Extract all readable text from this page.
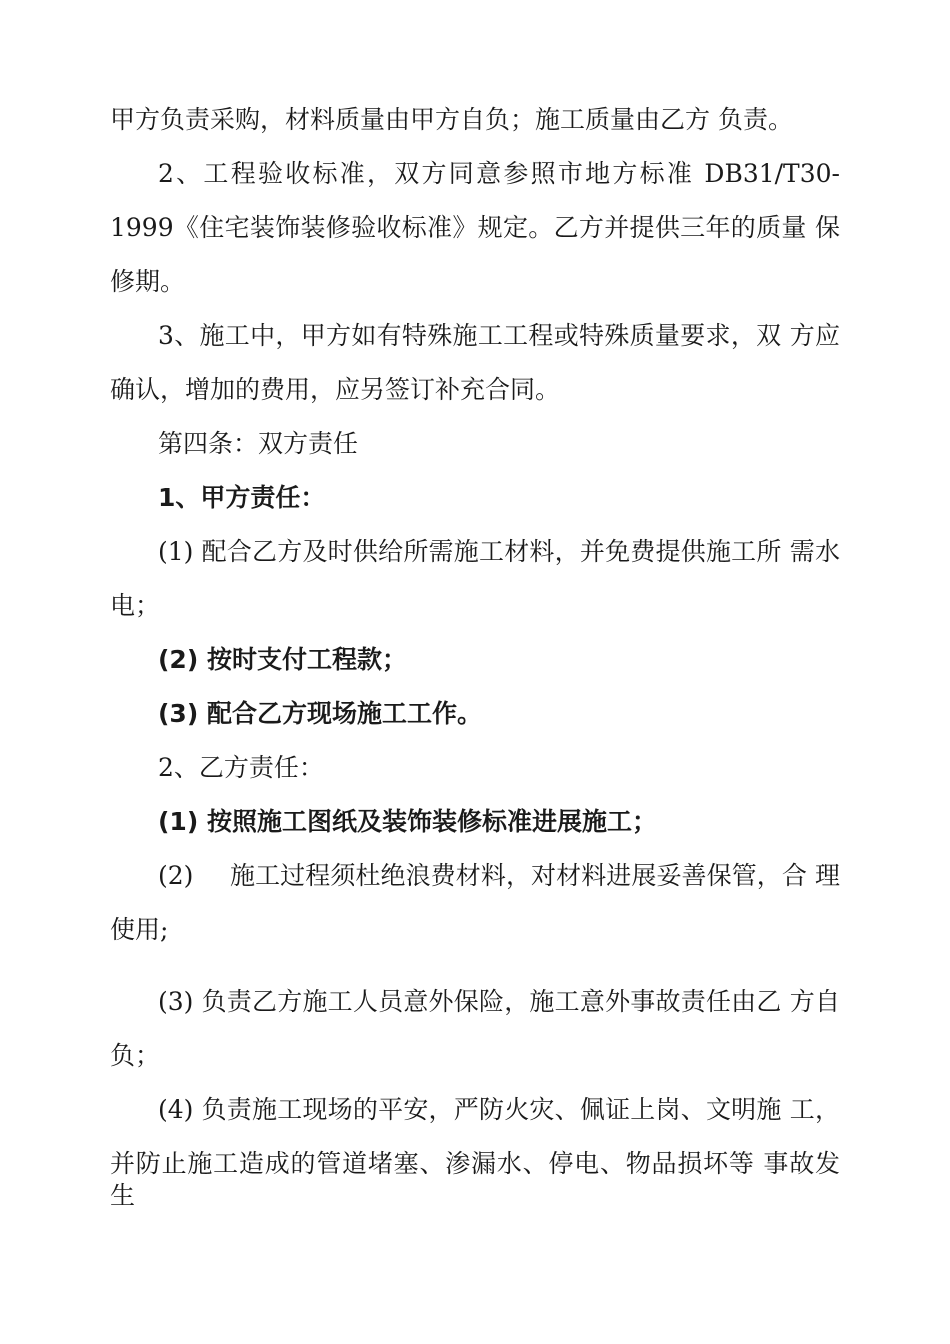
甲方负责采购，材料质量由甲方自负；施工质量由乙方 负责。
2、工程验收标准，双方同意参照市地方标准 DB31/T30-
1999《住宅装饰装修验收标准》规定。乙方并提供三年的质量 保
修期。
3、施工中，甲方如有特殊施工工程或特殊质量要求，双 方应
确认，增加的费用，应另签订补充合同。
第四条：双方责任
1、甲方责任：
(1) 配合乙方及时供给所需施工材料，并免费提供施工所 需水
电；
(2) 按时支付工程款；
(3) 配合乙方现场施工工作。
2、乙方责任：
(1) 按照施工图纸及装饰装修标准进展施工；
(2)	施工过程须杜绝浪费材料，对材料进展妥善保管，合 理
使用;
(3) 负责乙方施工人员意外保险，施工意外事故责任由乙 方自
负；
(4) 负责施工现场的平安，严防火灾、佩证上岗、文明施 工，
并防止施工造成的管道堵塞、渗漏水、停电、物品损坏等 事故发生
